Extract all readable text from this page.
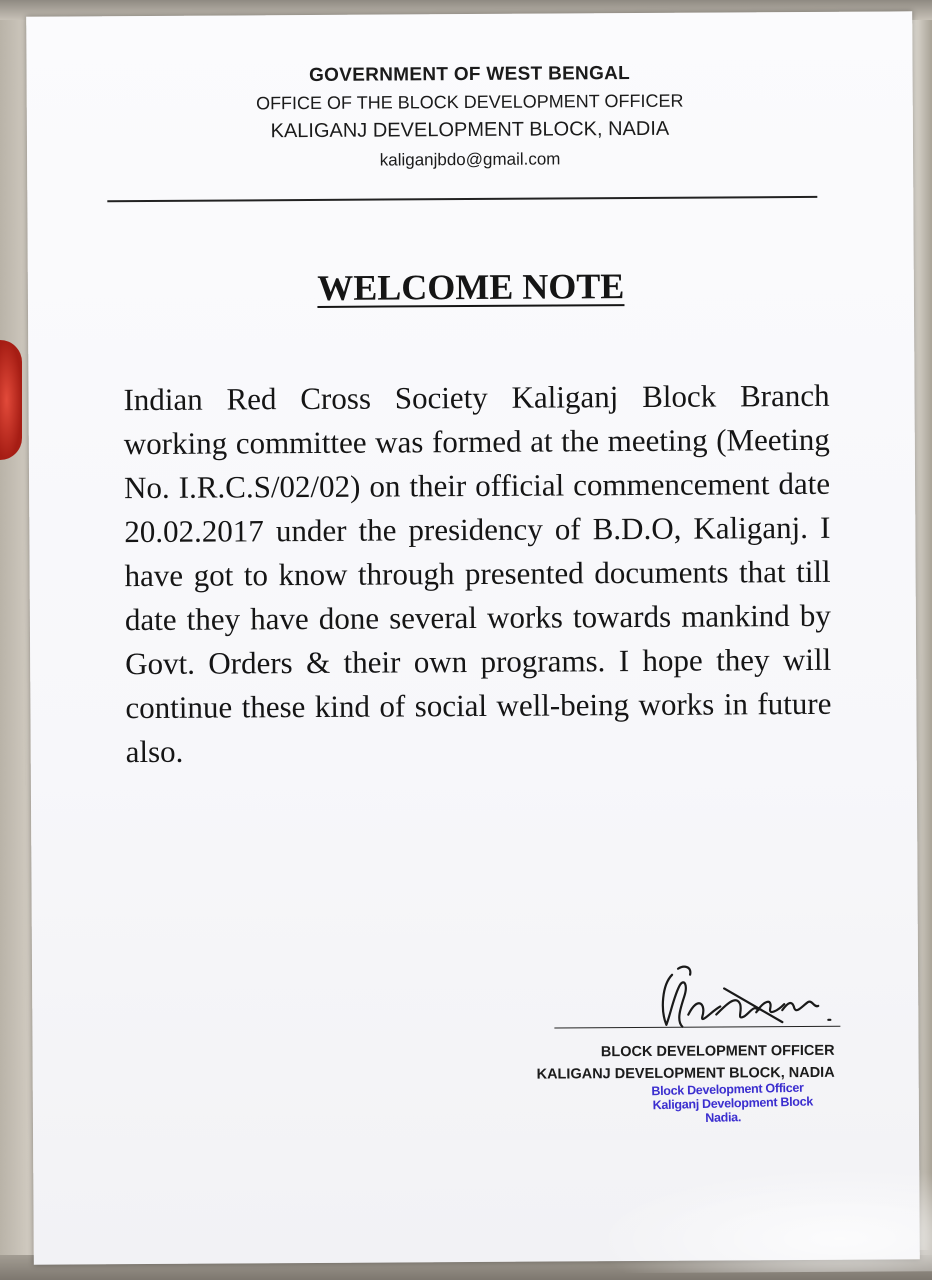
GOVERNMENT OF WEST BENGAL
OFFICE OF THE BLOCK DEVELOPMENT OFFICER
KALIGANJ DEVELOPMENT BLOCK, NADIA
kaliganjbdo@gmail.com
WELCOME NOTE
Indian Red Cross Society Kaliganj Block Branch working committee was formed at the meeting (Meeting No. I.R.C.S/02/02) on their official commencement date 20.02.2017 under the presidency of B.D.O, Kaliganj. I have got to know through presented documents that till date they have done several works towards mankind by Govt. Orders & their own programs. I hope they will continue these kind of social well-being works in future also.
BLOCK DEVELOPMENT OFFICER
KALIGANJ DEVELOPMENT BLOCK, NADIA
Block Development Officer
Kaliganj Development Block
Nadia.
